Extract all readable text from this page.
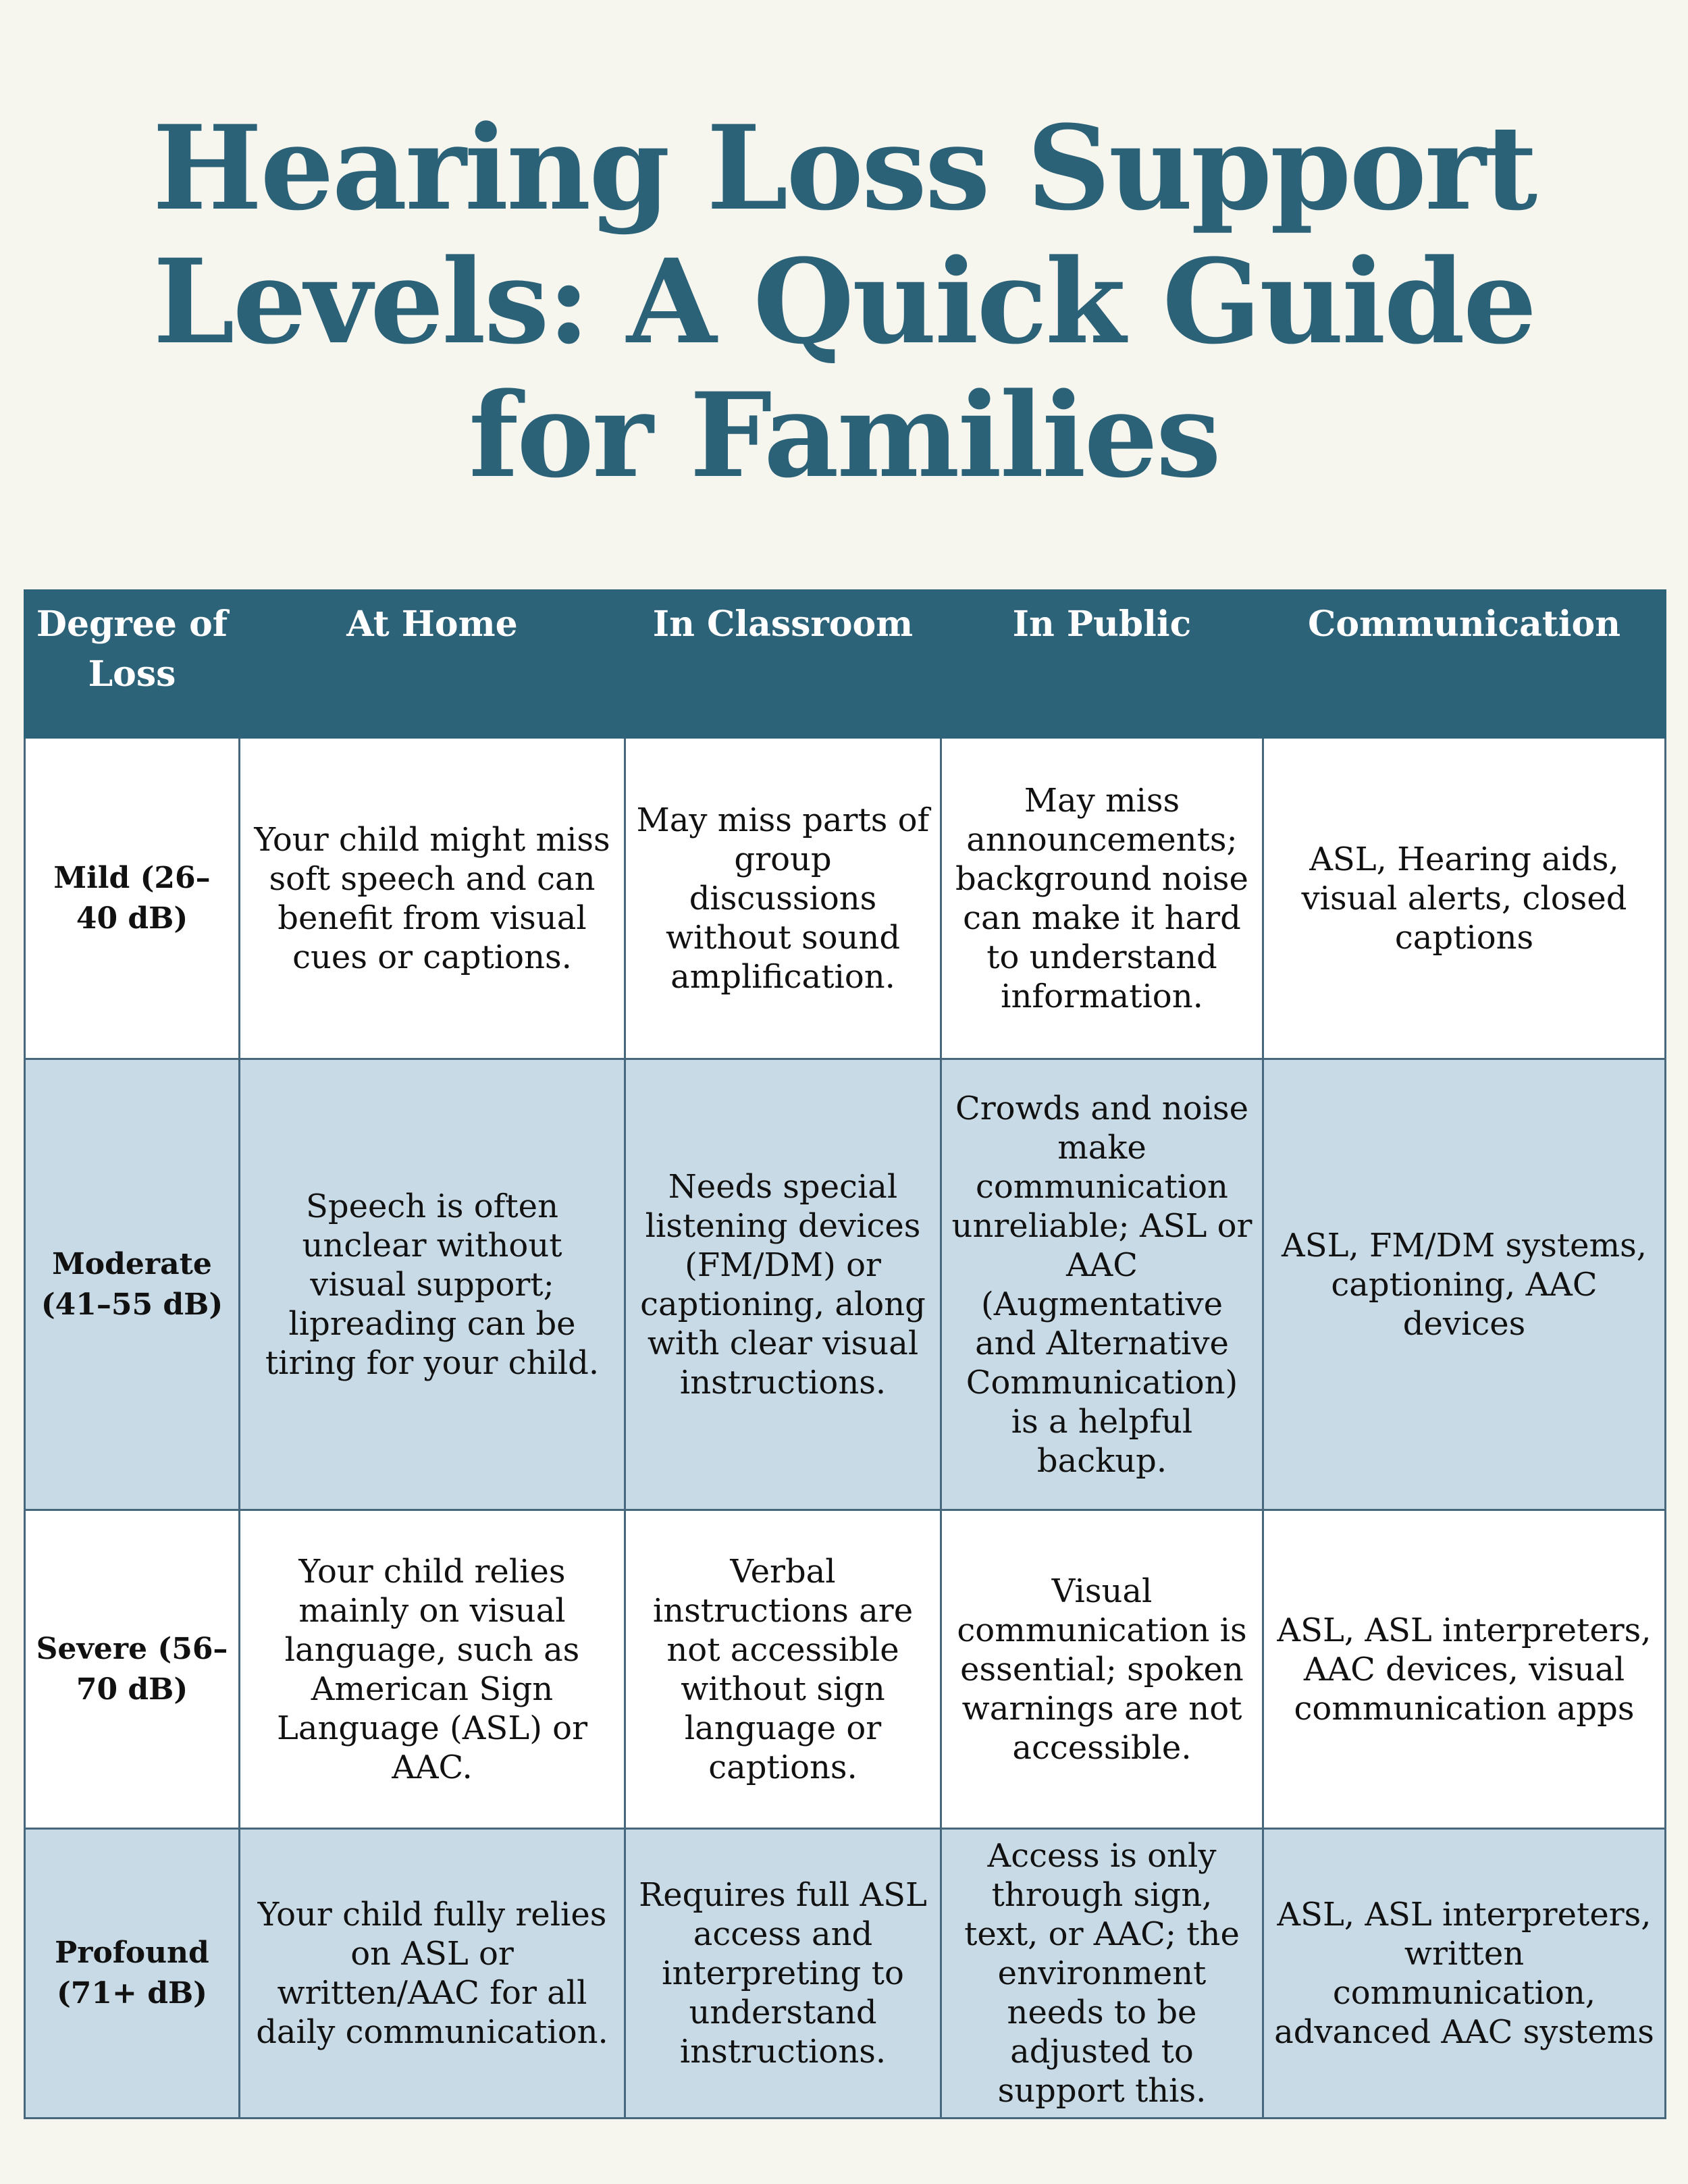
Hearing Loss Support Levels: A Quick Guide for Families
Degree of Loss	At Home	In Classroom	In Public	Communication
Mild (26–40 dB)	Your child might miss soft speech and can benefit from visual cues or captions.	May miss parts of group discussions without sound amplification.	May miss announcements; background noise can make it hard to understand information.	ASL, Hearing aids, visual alerts, closed captions
Moderate (41–55 dB)	Speech is often unclear without visual support; lipreading can be tiring for your child.	Needs special listening devices (FM/DM) or captioning, along with clear visual instructions.	Crowds and noise make communication unreliable; ASL or AAC (Augmentative and Alternative Communication) is a helpful backup.	ASL, FM/DM systems, captioning, AAC devices
Severe (56–70 dB)	Your child relies mainly on visual language, such as American Sign Language (ASL) or AAC.	Verbal instructions are not accessible without sign language or captions.	Visual communication is essential; spoken warnings are not accessible.	ASL, ASL interpreters, AAC devices, visual communication apps
Profound (71+ dB)	Your child fully relies on ASL or written/AAC for all daily communication.	Requires full ASL access and interpreting to understand instructions.	Access is only through sign, text, or AAC; the environment needs to be adjusted to support this.	ASL, ASL interpreters, written communication, advanced AAC systems
